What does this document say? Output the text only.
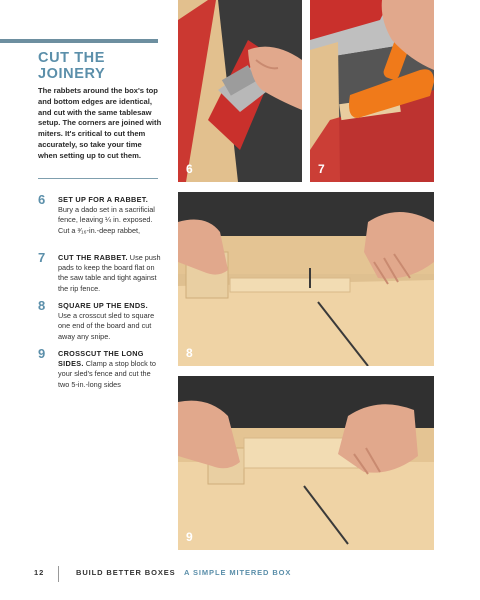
CUT THE
JOINERY
The rabbets around the box's top and bottom edges are identical, and cut with the same tablesaw setup. The corners are joined with miters. It's critical to cut them accurately, so take your time when setting up to cut them.
6 SET UP FOR A RABBET. Bury a dado set in a sacrificial fence, leaving ¼ in. exposed. Cut a ³⁄₁₆-in.-deep rabbet,
7 CUT THE RABBET. Use push pads to keep the board flat on the saw table and tight against the rip fence.
8 SQUARE UP THE ENDS. Use a crosscut sled to square one end of the board and cut away any snipe.
9 CROSSCUT THE LONG SIDES. Clamp a stop block to your sled's fence and cut the two 5-in.-long sides
6	7
8
9
12	BUILD BETTER BOXES A SIMPLE MITERED BOX
